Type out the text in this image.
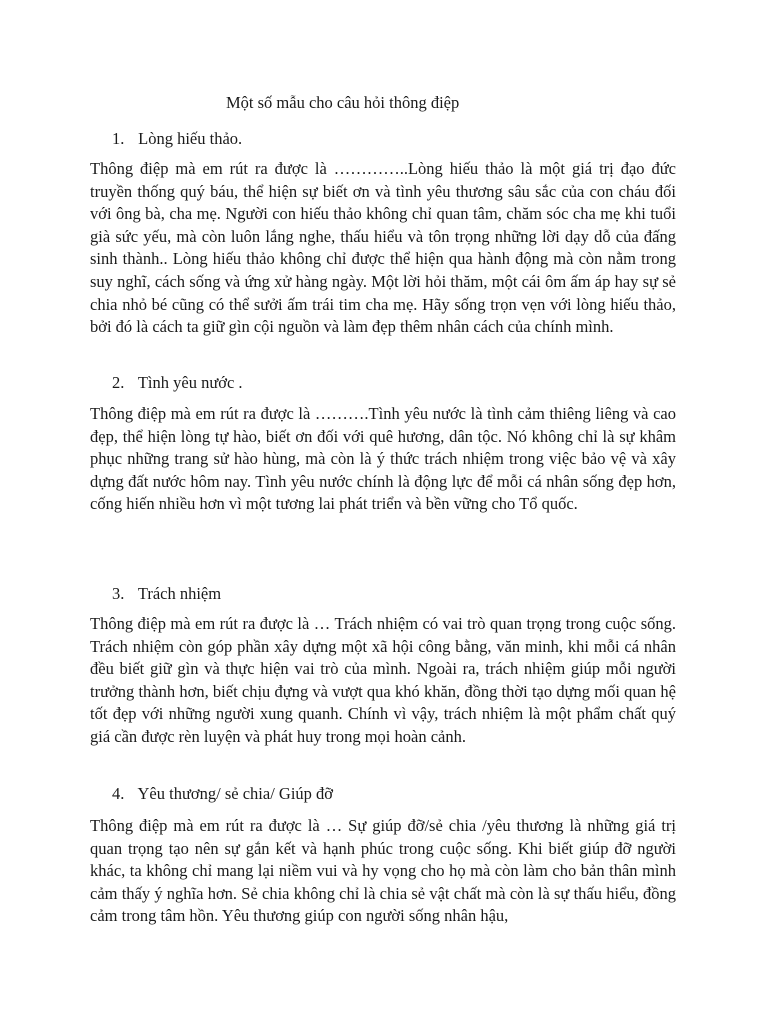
Một số mẫu cho câu hỏi thông điệp

1. Lòng hiếu thảo.

Thông điệp mà em rút ra được là …………..Lòng hiếu thảo là một giá trị đạo đức truyền thống quý báu, thể hiện sự biết ơn và tình yêu thương sâu sắc của con cháu đối với ông bà, cha mẹ. Người con hiếu thảo không chỉ quan tâm, chăm sóc cha mẹ khi tuổi già sức yếu, mà còn luôn lắng nghe, thấu hiểu và tôn trọng những lời dạy dỗ của đấng sinh thành.. Lòng hiếu thảo không chỉ được thể hiện qua hành động mà còn nằm trong suy nghĩ, cách sống và ứng xử hàng ngày. Một lời hỏi thăm, một cái ôm ấm áp hay sự sẻ chia nhỏ bé cũng có thể sưởi ấm trái tim cha mẹ. Hãy sống trọn vẹn với lòng hiếu thảo, bởi đó là cách ta giữ gìn cội nguồn và làm đẹp thêm nhân cách của chính mình.

2. Tình yêu nước .

Thông điệp mà em rút ra được là ……….Tình yêu nước là tình cảm thiêng liêng và cao đẹp, thể hiện lòng tự hào, biết ơn đối với quê hương, dân tộc. Nó không chỉ là sự khâm phục những trang sử hào hùng, mà còn là ý thức trách nhiệm trong việc bảo vệ và xây dựng đất nước hôm nay. Tình yêu nước chính là động lực để mỗi cá nhân sống đẹp hơn, cống hiến nhiều hơn vì một tương lai phát triển và bền vững cho Tổ quốc.

3. Trách nhiệm

Thông điệp mà em rút ra được là … Trách nhiệm có vai trò quan trọng trong cuộc sống. Trách nhiệm còn góp phần xây dựng một xã hội công bằng, văn minh, khi mỗi cá nhân đều biết giữ gìn và thực hiện vai trò của mình. Ngoài ra, trách nhiệm giúp mỗi người trưởng thành hơn, biết chịu đựng và vượt qua khó khăn, đồng thời tạo dựng mối quan hệ tốt đẹp với những người xung quanh. Chính vì vậy, trách nhiệm là một phẩm chất quý giá cần được rèn luyện và phát huy trong mọi hoàn cảnh.

4. Yêu thương/ sẻ chia/ Giúp đỡ

Thông điệp mà em rút ra được là … Sự giúp đỡ/sẻ chia /yêu thương là những giá trị quan trọng tạo nên sự gắn kết và hạnh phúc trong cuộc sống. Khi biết giúp đỡ người khác, ta không chỉ mang lại niềm vui và hy vọng cho họ mà còn làm cho bản thân mình cảm thấy ý nghĩa hơn. Sẻ chia không chỉ là chia sẻ vật chất mà còn là sự thấu hiểu, đồng cảm trong tâm hồn. Yêu thương giúp con người sống nhân hậu,
